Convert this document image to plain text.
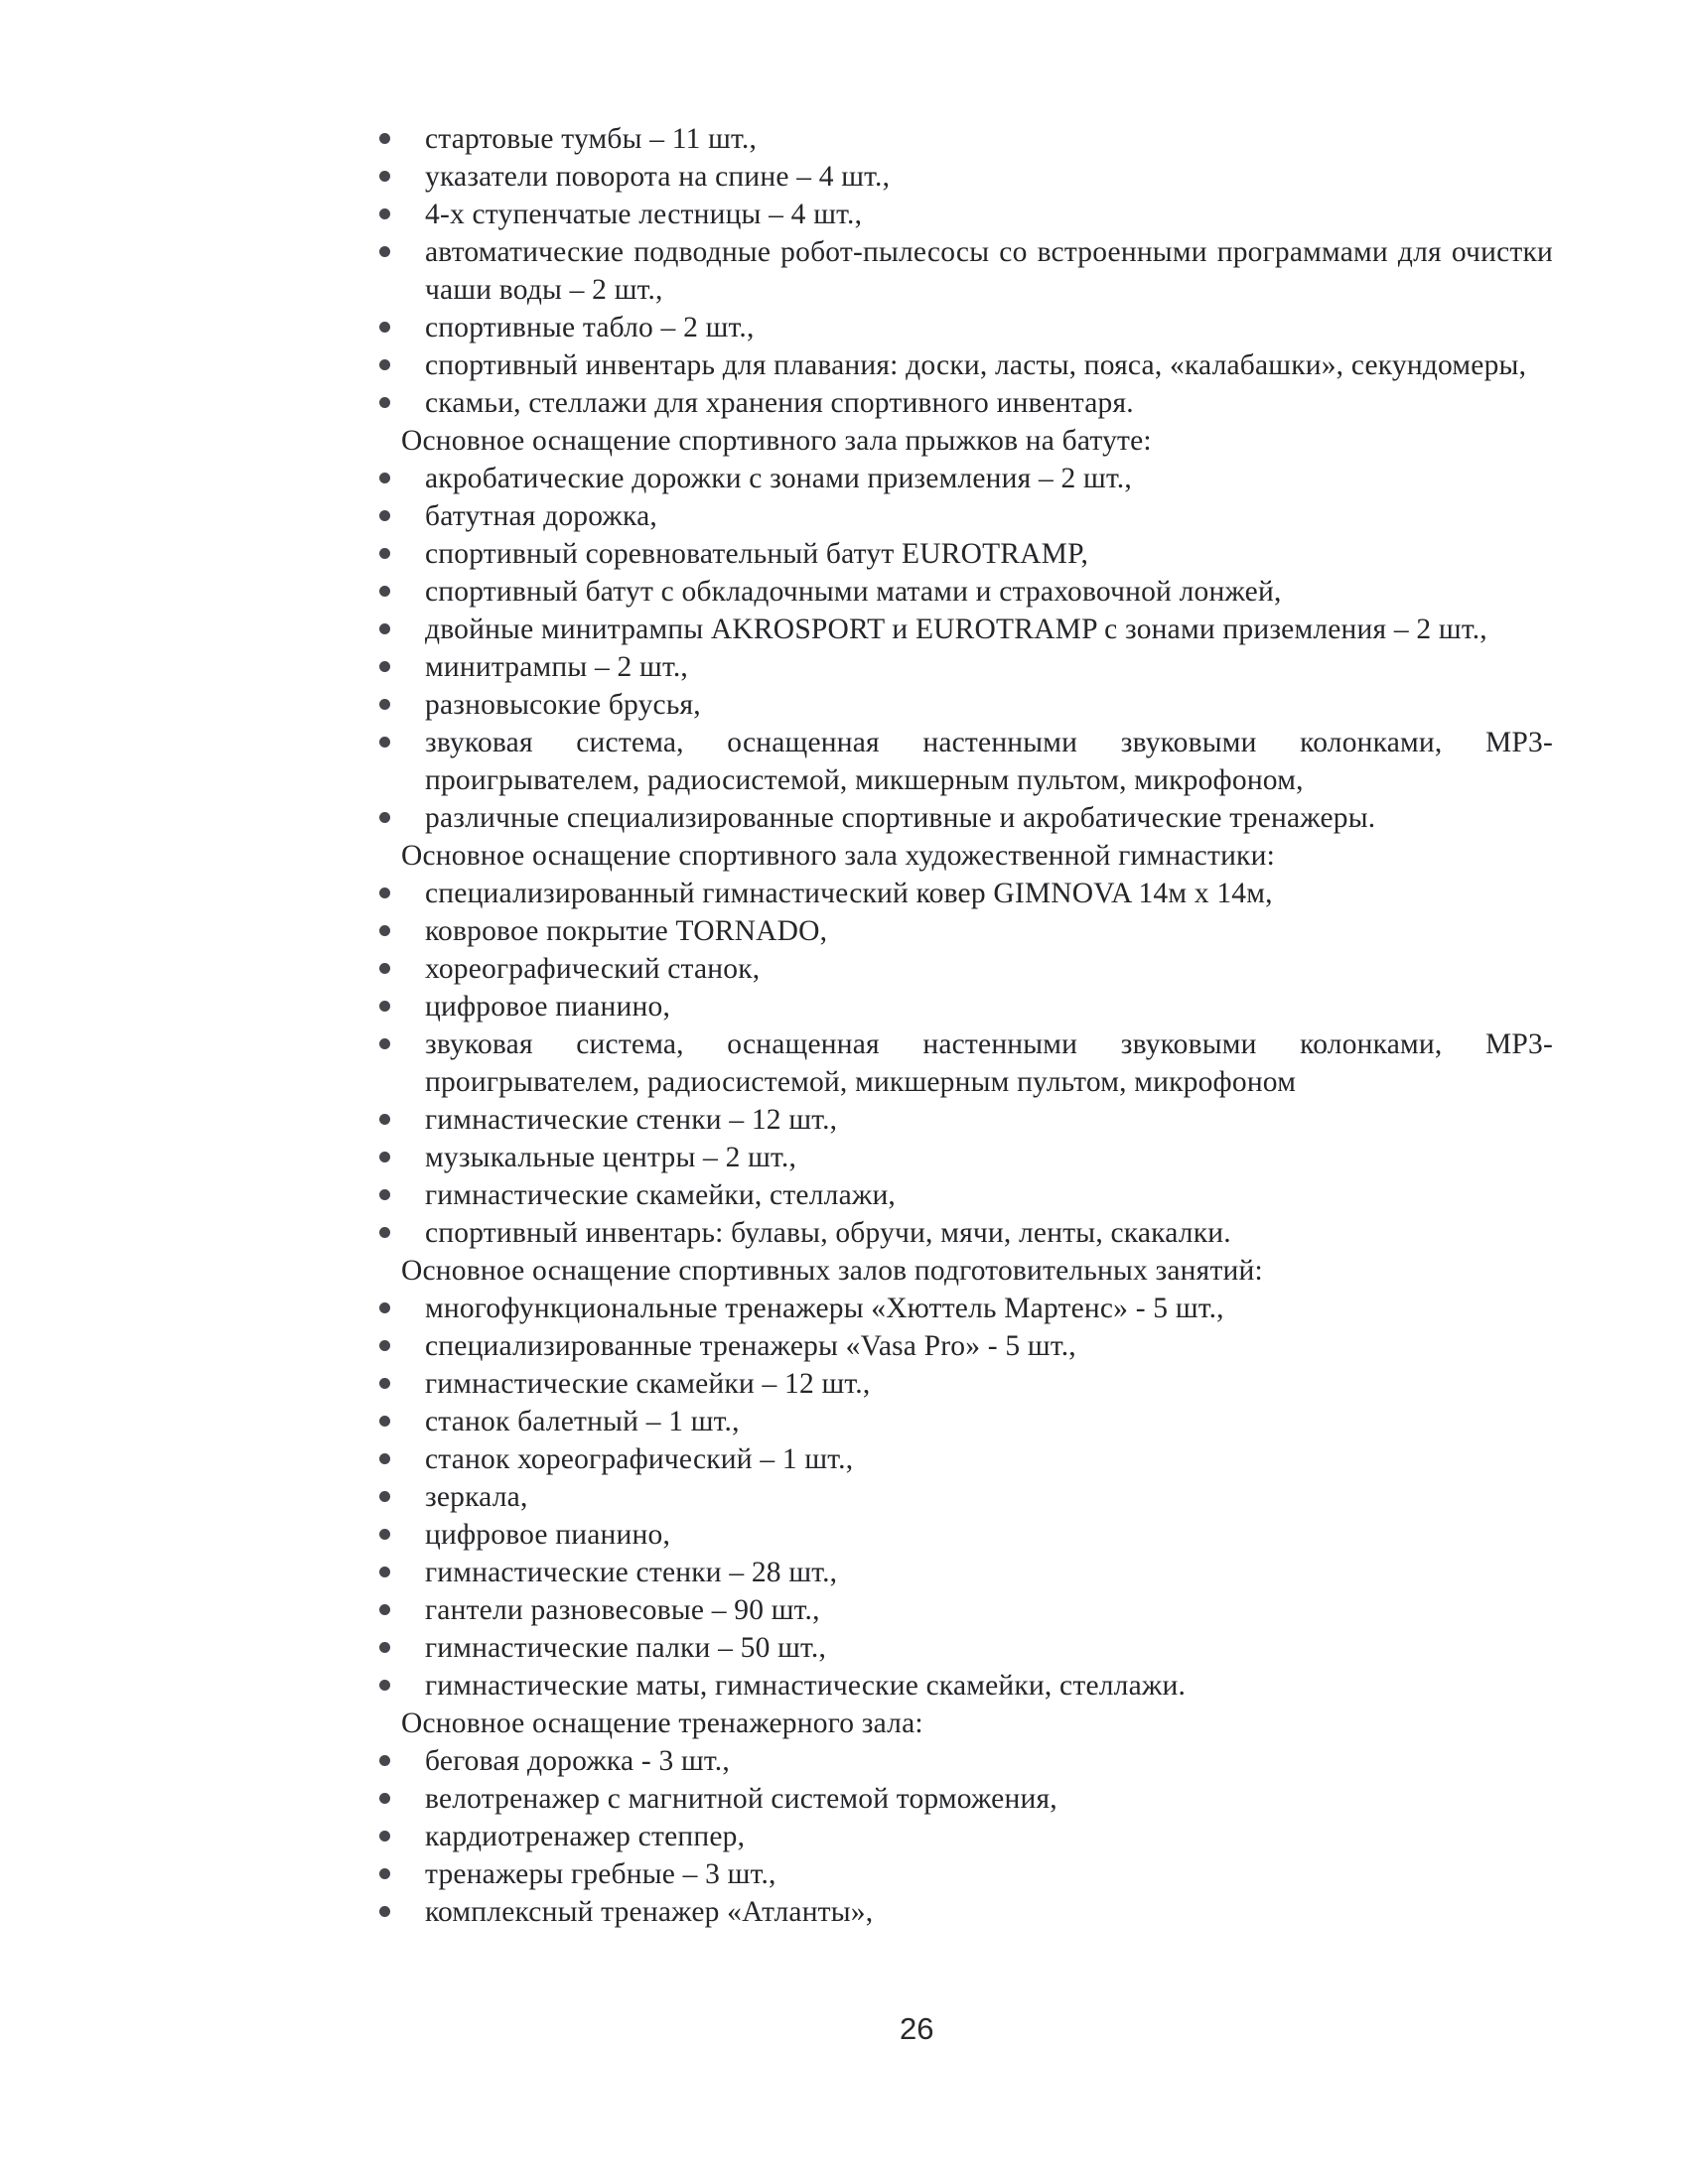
стартовые тумбы – 11 шт.,
указатели поворота на спине – 4 шт.,
4-х ступенчатые лестницы – 4 шт.,
автоматические подводные робот-пылесосы со встроенными программами для очистки чаши воды – 2 шт.,
спортивные табло – 2 шт.,
спортивный инвентарь для плавания: доски, ласты, пояса, «калабашки», секундомеры,
скамьи, стеллажи для хранения спортивного инвентаря.
Основное оснащение спортивного зала прыжков на батуте:
акробатические дорожки с зонами приземления – 2 шт.,
батутная дорожка,
спортивный соревновательный батут EUROTRAMP,
спортивный батут с обкладочными матами и страховочной лонжей,
двойные минитрампы AKROSPORT и EUROTRAMP с зонами приземления – 2 шт.,
минитрампы – 2 шт.,
разновысокие брусья,
звуковая система, оснащенная настенными звуковыми колонками, MP3-проигрывателем, радиосистемой, микшерным пультом, микрофоном,
различные специализированные спортивные и акробатические тренажеры.
Основное оснащение спортивного зала художественной гимнастики:
специализированный гимнастический ковер GIMNOVA 14м х 14м,
ковровое покрытие TORNADO,
хореографический станок,
цифровое пианино,
звуковая система, оснащенная настенными звуковыми колонками, MP3-проигрывателем, радиосистемой, микшерным пультом, микрофоном
гимнастические стенки – 12 шт.,
музыкальные центры – 2 шт.,
гимнастические скамейки, стеллажи,
спортивный инвентарь: булавы, обручи, мячи, ленты, скакалки.
Основное оснащение спортивных залов подготовительных занятий:
многофункциональные тренажеры «Хюттель Мартенс» - 5 шт.,
специализированные тренажеры «Vasa Pro» - 5 шт.,
гимнастические скамейки – 12 шт.,
станок балетный – 1 шт.,
станок хореографический – 1 шт.,
зеркала,
цифровое пианино,
гимнастические стенки – 28 шт.,
гантели разновесовые – 90 шт.,
гимнастические палки – 50 шт.,
гимнастические маты, гимнастические скамейки, стеллажи.
Основное оснащение тренажерного зала:
беговая дорожка - 3 шт.,
велотренажер с магнитной системой торможения,
кардиотренажер степпер,
тренажеры гребные – 3 шт.,
комплексный тренажер «Атланты»,
26
